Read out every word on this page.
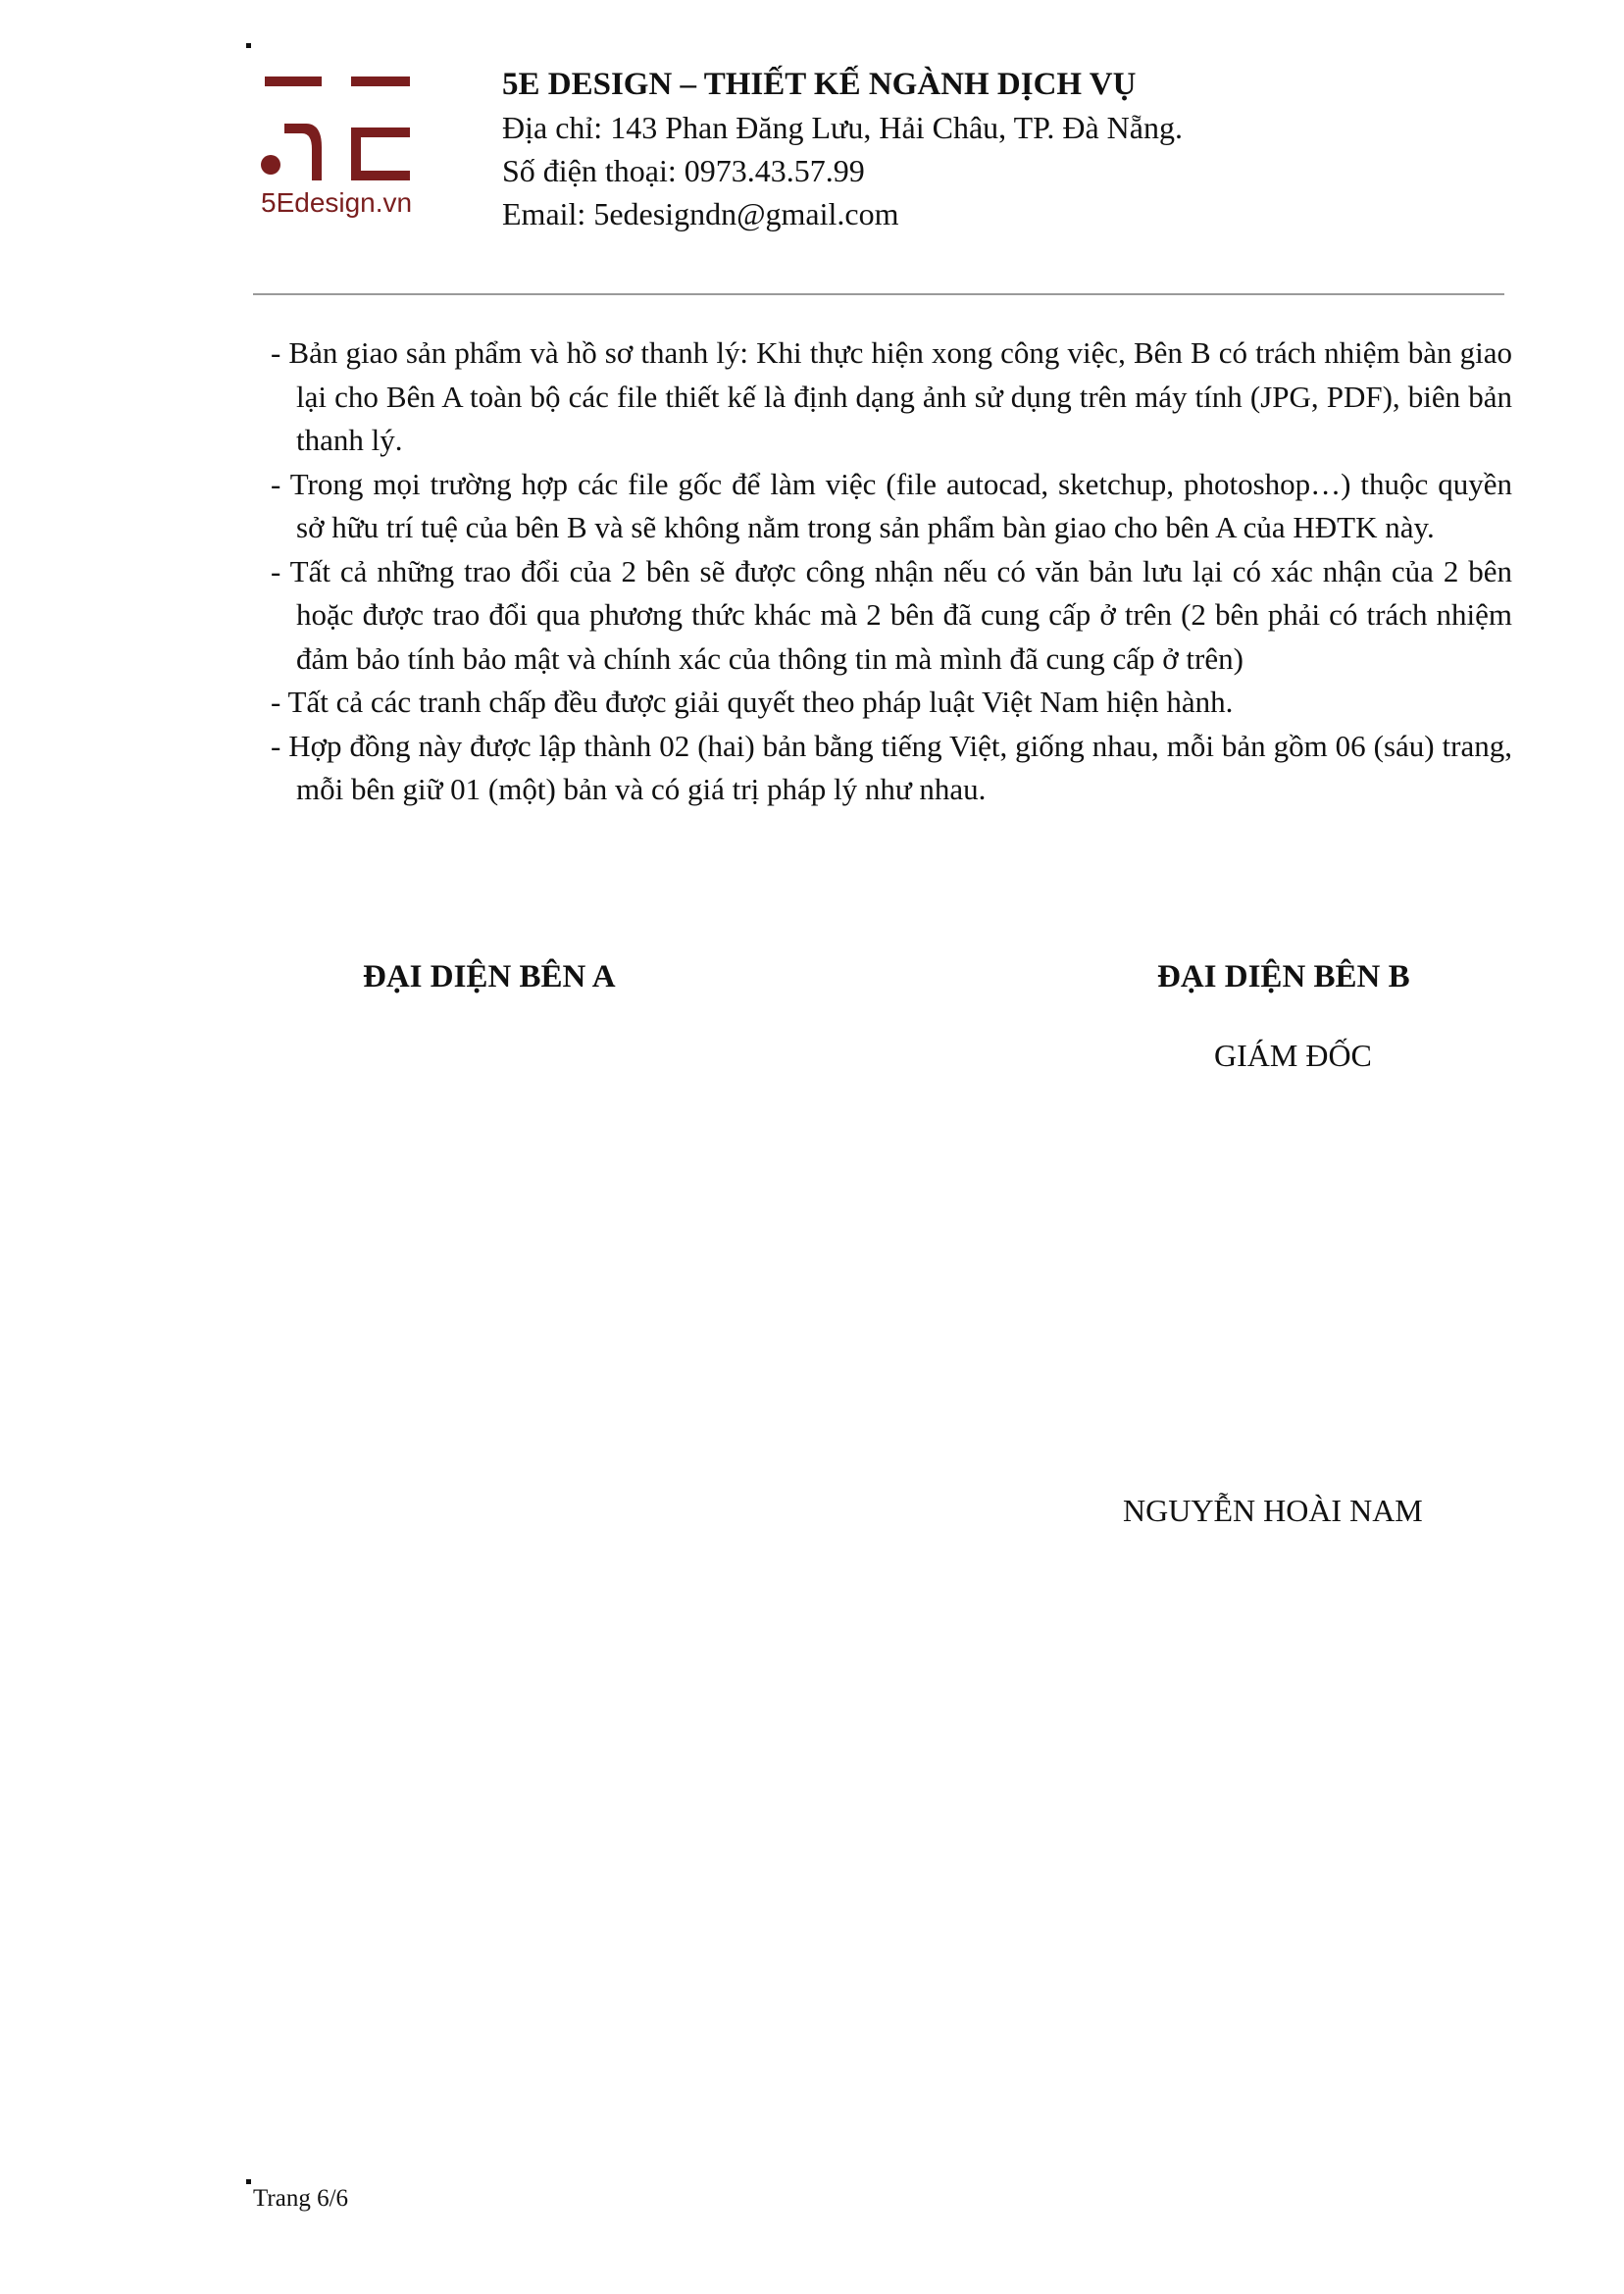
5Edesign.vn
5E DESIGN – THIẾT KẾ NGÀNH DỊCH VỤ
Địa chỉ: 143 Phan Đăng Lưu, Hải Châu, TP. Đà Nẵng.
Số điện thoại: 0973.43.57.99
Email: 5edesigndn@gmail.com

- Bản giao sản phẩm và hồ sơ thanh lý: Khi thực hiện xong công việc, Bên B có trách nhiệm bàn giao lại cho Bên A toàn bộ các file thiết kế là định dạng ảnh sử dụng trên máy tính (JPG, PDF), biên bản thanh lý.

- Trong mọi trường hợp các file gốc để làm việc (file autocad, sketchup, photoshop…) thuộc quyền sở hữu trí tuệ của bên B và sẽ không nằm trong sản phẩm bàn giao cho bên A của HĐTK này.

- Tất cả những trao đổi của 2 bên sẽ được công nhận nếu có văn bản lưu lại có xác nhận của 2 bên hoặc được trao đổi qua phương thức khác mà 2 bên đã cung cấp ở trên (2 bên phải có trách nhiệm đảm bảo tính bảo mật và chính xác của thông tin mà mình đã cung cấp ở trên)

- Tất cả các tranh chấp đều được giải quyết theo pháp luật Việt Nam hiện hành.

- Hợp đồng này được lập thành 02 (hai) bản bằng tiếng Việt, giống nhau, mỗi bản gồm 06 (sáu) trang, mỗi bên giữ 01 (một) bản và có giá trị pháp lý như nhau.

ĐẠI DIỆN BÊN A	ĐẠI DIỆN BÊN B
GIÁM ĐỐC
NGUYỄN HOÀI NAM
Trang 6/6
